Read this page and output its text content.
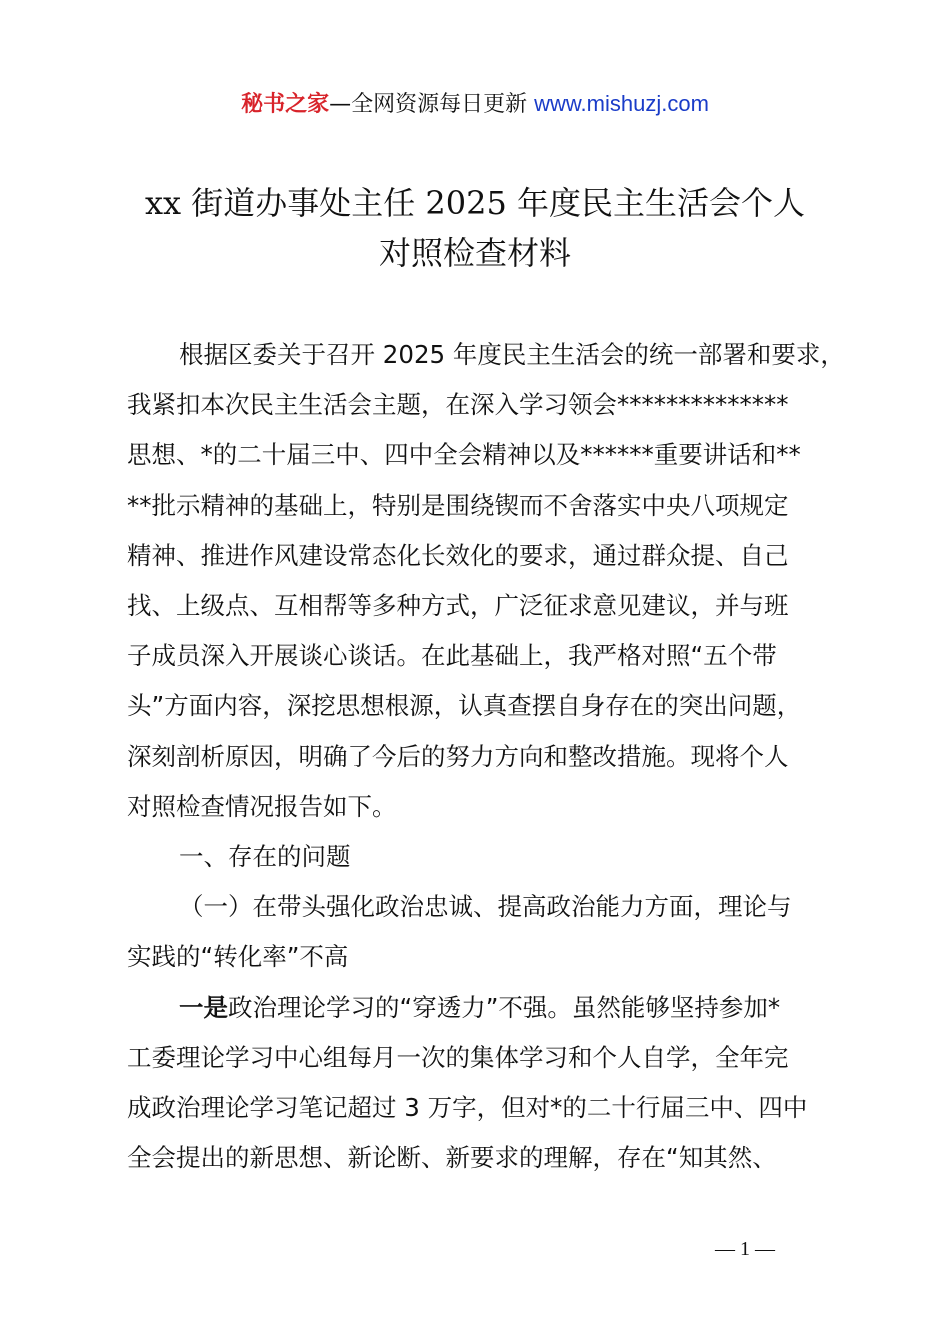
秘书之家—全网资源每日更新 www.mishuzj.com
xx 街道办事处主任 2025 年度民主生活会个人
对照检查材料
根据区委关于召开 2025 年度民主生活会的统一部署和要求，
我紧扣本次民主生活会主题，在深入学习领会**************
思想、*的二十届三中、四中全会精神以及******重要讲话和**
**批示精神的基础上，特别是围绕锲而不舍落实中央八项规定
精神、推进作风建设常态化长效化的要求，通过群众提、自己
找、上级点、互相帮等多种方式，广泛征求意见建议，并与班
子成员深入开展谈心谈话。在此基础上，我严格对照“五个带
头”方面内容，深挖思想根源，认真查摆自身存在的突出问题，
深刻剖析原因，明确了今后的努力方向和整改措施。现将个人
对照检查情况报告如下。
一、存在的问题
（一）在带头强化政治忠诚、提高政治能力方面，理论与
实践的“转化率”不高
一是政治理论学习的“穿透力”不强。虽然能够坚持参加*
工委理论学习中心组每月一次的集体学习和个人自学，全年完
成政治理论学习笔记超过 3 万字，但对*的二十行届三中、四中
全会提出的新思想、新论断、新要求的理解，存在“知其然、
— 1 —
